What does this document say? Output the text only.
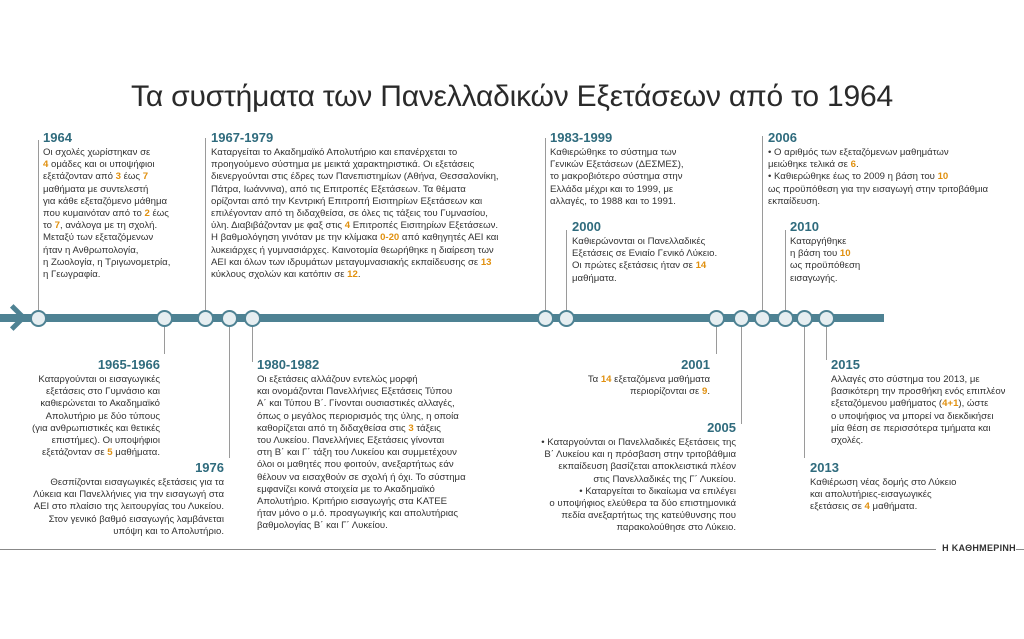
Τα συστήματα των Πανελλαδικών Εξετάσεων από το 1964
1964
Οι σχολές χωρίστηκαν σε
4 ομάδες και οι υποψήφιοι
εξετάζονταν από 3 έως 7
μαθήματα με συντελεστή
για κάθε εξεταζόμενο μάθημα
που κυμαινόταν από το 2 έως
το 7, ανάλογα με τη σχολή.
Μεταξύ των εξεταζόμενων
ήταν η Ανθρωπολογία,
η Ζωολογία, η Τριγωνομετρία,
η Γεωγραφία.
1965-1966
Καταργούνται οι εισαγωγικές
εξετάσεις στο Γυμνάσιο και
καθιερώνεται το Ακαδημαϊκό
Απολυτήριο με δύο τύπους
(για ανθρωπιστικές και θετικές
επιστήμες). Οι υποψήφιοι
εξετάζονταν σε 5 μαθήματα.
1976
Θεσπίζονται εισαγωγικές εξετάσεις για τα
Λύκεια και Πανελλήνιες για την εισαγωγή στα
ΑΕΙ στο πλαίσιο της λειτουργίας του Λυκείου.
Στον γενικό βαθμό εισαγωγής λαμβάνεται
υπόψη και το Απολυτήριο.
1967-1979
Καταργείται το Ακαδημαϊκό Απολυτήριο και επανέρχεται το
προηγούμενο σύστημα με μεικτά χαρακτηριστικά. Οι εξετάσεις
διενεργούνται στις έδρες των Πανεπιστημίων (Αθήνα, Θεσσαλονίκη,
Πάτρα, Ιωάννινα), από τις Επιτροπές Εξετάσεων. Τα θέματα
ορίζονται από την Κεντρική Επιτροπή Εισιτηρίων Εξετάσεων και
επιλέγονταν από τη διδαχθείσα, σε όλες τις τάξεις του Γυμνασίου,
ύλη. Διαβιβάζονταν με φαξ στις 4 Επιτροπές Εισιτηρίων Εξετάσεων.
Η βαθμολόγηση γινόταν με την κλίμακα 0-20 από καθηγητές ΑΕΙ και
λυκειάρχες ή γυμνασιάρχες. Καινοτομία θεωρήθηκε η διαίρεση των
ΑΕΙ και όλων των ιδρυμάτων μεταγυμνασιακής εκπαίδευσης σε 13
κύκλους σχολών και κατόπιν σε 12.
1980-1982
Οι εξετάσεις αλλάζουν εντελώς μορφή
και ονομάζονται Πανελλήνιες Εξετάσεις Τύπου
Α΄ και Τύπου Β΄. Γίνονται ουσιαστικές αλλαγές,
όπως ο μεγάλος περιορισμός της ύλης, η οποία
καθορίζεται από τη διδαχθείσα στις 3 τάξεις
του Λυκείου. Πανελλήνιες Εξετάσεις γίνονται
στη Β΄ και Γ΄ τάξη του Λυκείου και συμμετέχουν
όλοι οι μαθητές που φοιτούν, ανεξαρτήτως εάν
θέλουν να εισαχθούν σε σχολή ή όχι. Το σύστημα
εμφανίζει κοινά στοιχεία με το Ακαδημαϊκό
Απολυτήριο. Κριτήριο εισαγωγής στα ΚΑΤΕΕ
ήταν μόνο ο μ.ό. προαγωγικής και απολυτήριας
βαθμολογίας Β΄ και Γ΄ Λυκείου.
1983-1999
Καθιερώθηκε το σύστημα των
Γενικών Εξετάσεων (ΔΕΣΜΕΣ),
το μακροβιότερο σύστημα στην
Ελλάδα μέχρι και το 1999, με
αλλαγές, το 1988 και το 1991.
2000
Καθιερώνονται οι Πανελλαδικές
Εξετάσεις σε Ενιαίο Γενικό Λύκειο.
Οι πρώτες εξετάσεις ήταν σε 14
μαθήματα.
2001
Τα 14 εξεταζόμενα μαθήματα
περιορίζονται σε 9.
2005
• Καταργούνται οι Πανελλαδικές Εξετάσεις της
Β΄ Λυκείου και η πρόσβαση στην τριτοβάθμια
εκπαίδευση βασίζεται αποκλειστικά πλέον
στις Πανελλαδικές της Γ΄ Λυκείου.
• Καταργείται το δικαίωμα να επιλέγει
ο υποψήφιος ελεύθερα τα δύο επιστημονικά
πεδία ανεξαρτήτως της κατεύθυνσης που
παρακολούθησε στο Λύκειο.
2006
• Ο αριθμός των εξεταζόμενων μαθημάτων
μειώθηκε τελικά σε 6.
• Καθιερώθηκε έως το 2009 η βάση του 10
ως προϋπόθεση για την εισαγωγή στην τριτοβάθμια
εκπαίδευση.
2010
Καταργήθηκε
η βάση του 10
ως προϋπόθεση
εισαγωγής.
2015
Αλλαγές στο σύστημα του 2013, με
βασικότερη την προσθήκη ενός επιπλέον
εξεταζόμενου μαθήματος (4+1), ώστε
ο υποψήφιος να μπορεί να διεκδικήσει
μία θέση σε περισσότερα τμήματα και
σχολές.
2013
Καθιέρωση νέας δομής στο Λύκειο
και απολυτήριες-εισαγωγικές
εξετάσεις σε 4 μαθήματα.
Η ΚΑΘΗΜΕΡΙΝΗ
